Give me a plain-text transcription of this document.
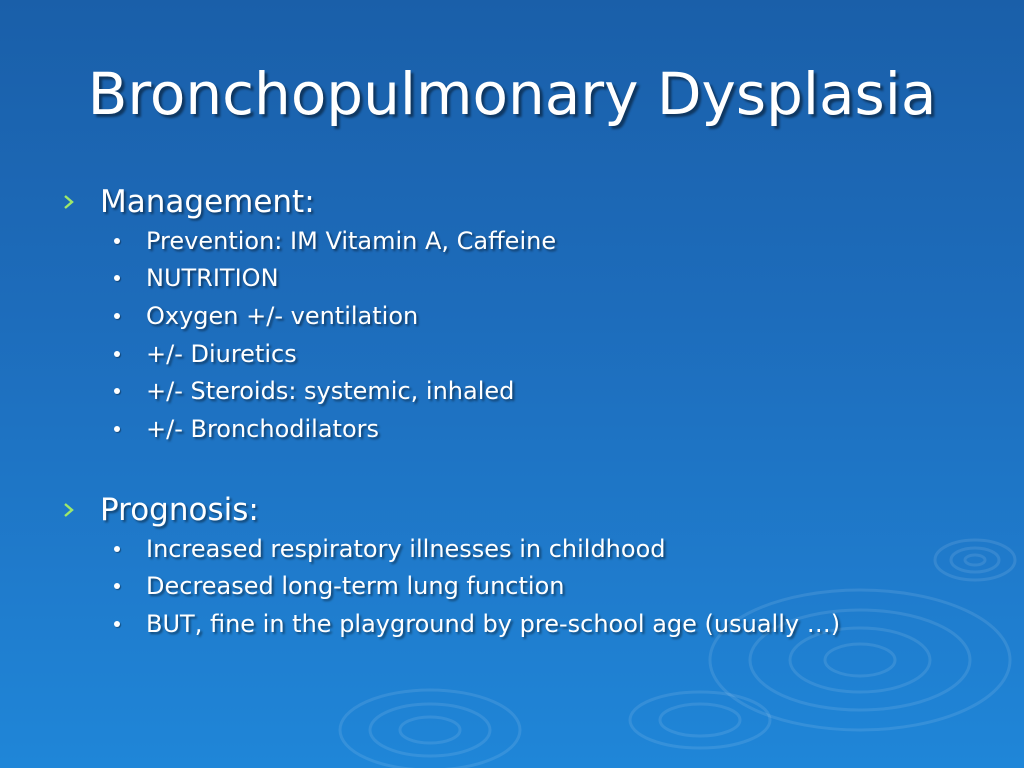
Bronchopulmonary Dysplasia
Management:
Prevention: IM Vitamin A, Caffeine
NUTRITION
Oxygen +/- ventilation
+/- Diuretics
+/- Steroids: systemic, inhaled
+/- Bronchodilators
Prognosis:
Increased respiratory illnesses in childhood
Decreased long-term lung function
BUT, fine in the playground by pre-school age (usually …)
